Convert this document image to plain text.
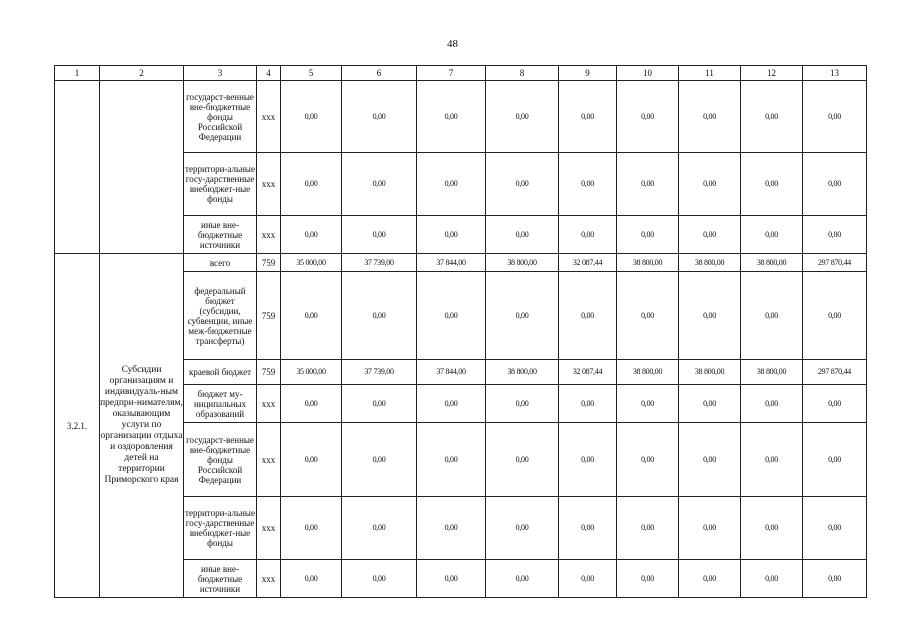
48
1	2	3	4	5	6	7	8	9	10	11	12	13
		государст-венные вне-бюджетные фонды Российской Федерации	xxx	0,00	0,00	0,00	0,00	0,00	0,00	0,00	0,00	0,00
		территори-альные госу-дарственные внебюджет-ные фонды	xxx	0,00	0,00	0,00	0,00	0,00	0,00	0,00	0,00	0,00
		иные вне-бюджетные источники	xxx	0,00	0,00	0,00	0,00	0,00	0,00	0,00	0,00	0,00
3.2.1.	Субсидии организациям и индивидуаль-ным предпри-нимателям, оказывающим услуги по организации отдыха и оздоровления детей на территории Приморского края	всего	759	35 000,00	37 739,00	37 844,00	38 800,00	32 087,44	38 800,00	38 800,00	38 800,00	297 870,44
		федеральный бюджет (субсидии, субвенции, иные меж-бюджетные трансферты)	759	0,00	0,00	0,00	0,00	0,00	0,00	0,00	0,00	0,00
		краевой бюджет	759	35 000,00	37 739,00	37 844,00	38 800,00	32 087,44	38 800,00	38 800,00	38 800,00	297 870,44
		бюджет му-ниципальных образований	xxx	0,00	0,00	0,00	0,00	0,00	0,00	0,00	0,00	0,00
		государст-венные вне-бюджетные фонды Российской Федерации	xxx	0,00	0,00	0,00	0,00	0,00	0,00	0,00	0,00	0,00
		территори-альные госу-дарственные внебюджет-ные фонды	xxx	0,00	0,00	0,00	0,00	0,00	0,00	0,00	0,00	0,00
		иные вне-бюджетные источники	xxx	0,00	0,00	0,00	0,00	0,00	0,00	0,00	0,00	0,00
